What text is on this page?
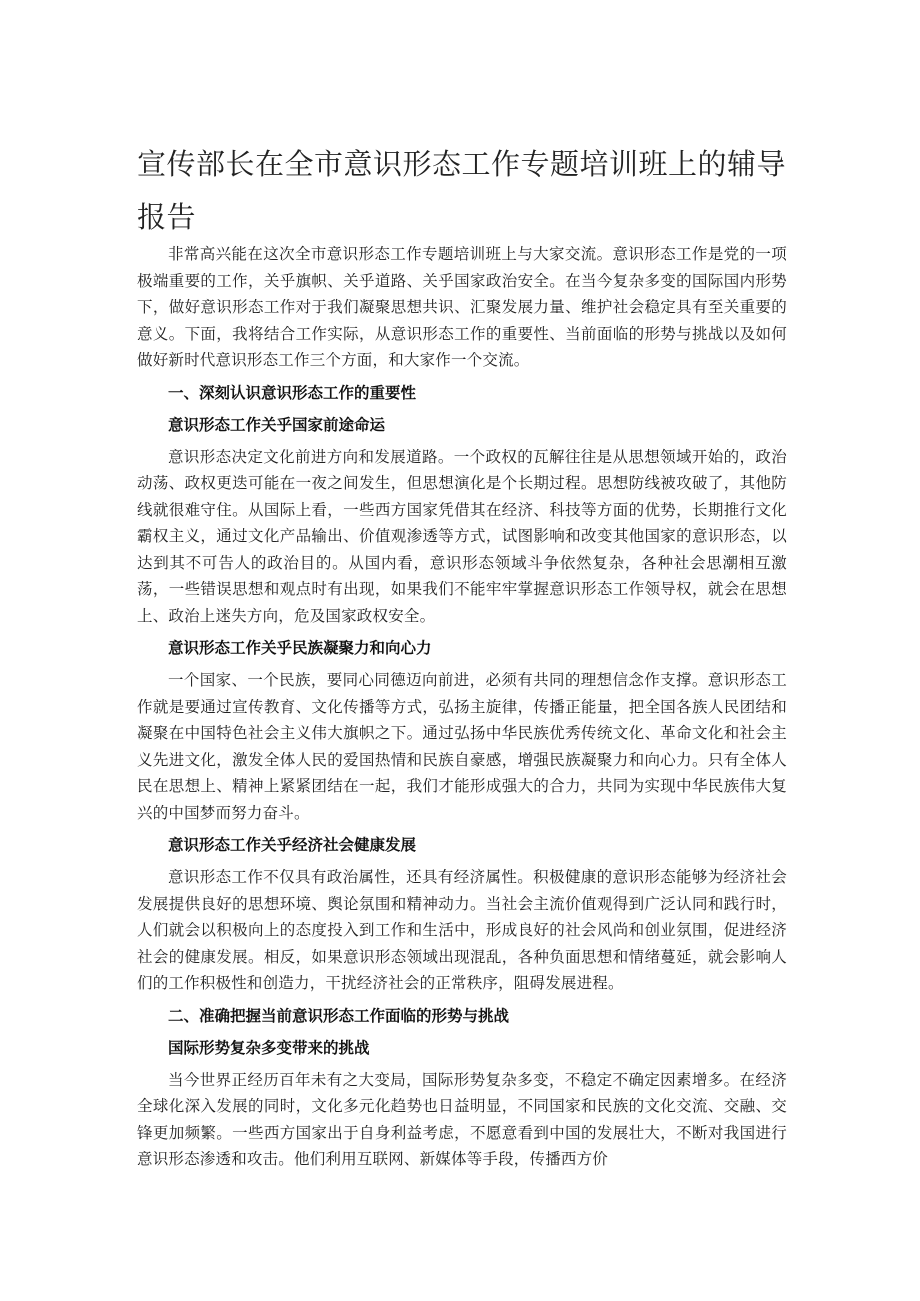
宣传部长在全市意识形态工作专题培训班上的辅导报告

非常高兴能在这次全市意识形态工作专题培训班上与大家交流。意识形态工作是党的一项极端重要的工作，关乎旗帜、关乎道路、关乎国家政治安全。在当今复杂多变的国际国内形势下，做好意识形态工作对于我们凝聚思想共识、汇聚发展力量、维护社会稳定具有至关重要的意义。下面，我将结合工作实际，从意识形态工作的重要性、当前面临的形势与挑战以及如何做好新时代意识形态工作三个方面，和大家作一个交流。

一、深刻认识意识形态工作的重要性

意识形态工作关乎国家前途命运

意识形态决定文化前进方向和发展道路。一个政权的瓦解往往是从思想领域开始的，政治动荡、政权更迭可能在一夜之间发生，但思想演化是个长期过程。思想防线被攻破了，其他防线就很难守住。从国际上看，一些西方国家凭借其在经济、科技等方面的优势，长期推行文化霸权主义，通过文化产品输出、价值观渗透等方式，试图影响和改变其他国家的意识形态，以达到其不可告人的政治目的。从国内看，意识形态领域斗争依然复杂，各种社会思潮相互激荡，一些错误思想和观点时有出现，如果我们不能牢牢掌握意识形态工作领导权，就会在思想上、政治上迷失方向，危及国家政权安全。

意识形态工作关乎民族凝聚力和向心力

一个国家、一个民族，要同心同德迈向前进，必须有共同的理想信念作支撑。意识形态工作就是要通过宣传教育、文化传播等方式，弘扬主旋律，传播正能量，把全国各族人民团结和凝聚在中国特色社会主义伟大旗帜之下。通过弘扬中华民族优秀传统文化、革命文化和社会主义先进文化，激发全体人民的爱国热情和民族自豪感，增强民族凝聚力和向心力。只有全体人民在思想上、精神上紧紧团结在一起，我们才能形成强大的合力，共同为实现中华民族伟大复兴的中国梦而努力奋斗。

意识形态工作关乎经济社会健康发展

意识形态工作不仅具有政治属性，还具有经济属性。积极健康的意识形态能够为经济社会发展提供良好的思想环境、舆论氛围和精神动力。当社会主流价值观得到广泛认同和践行时，人们就会以积极向上的态度投入到工作和生活中，形成良好的社会风尚和创业氛围，促进经济社会的健康发展。相反，如果意识形态领域出现混乱，各种负面思想和情绪蔓延，就会影响人们的工作积极性和创造力，干扰经济社会的正常秩序，阻碍发展进程。

二、准确把握当前意识形态工作面临的形势与挑战

国际形势复杂多变带来的挑战

当今世界正经历百年未有之大变局，国际形势复杂多变，不稳定不确定因素增多。在经济全球化深入发展的同时，文化多元化趋势也日益明显，不同国家和民族的文化交流、交融、交锋更加频繁。一些西方国家出于自身利益考虑，不愿意看到中国的发展壮大，不断对我国进行意识形态渗透和攻击。他们利用互联网、新媒体等手段，传播西方价
